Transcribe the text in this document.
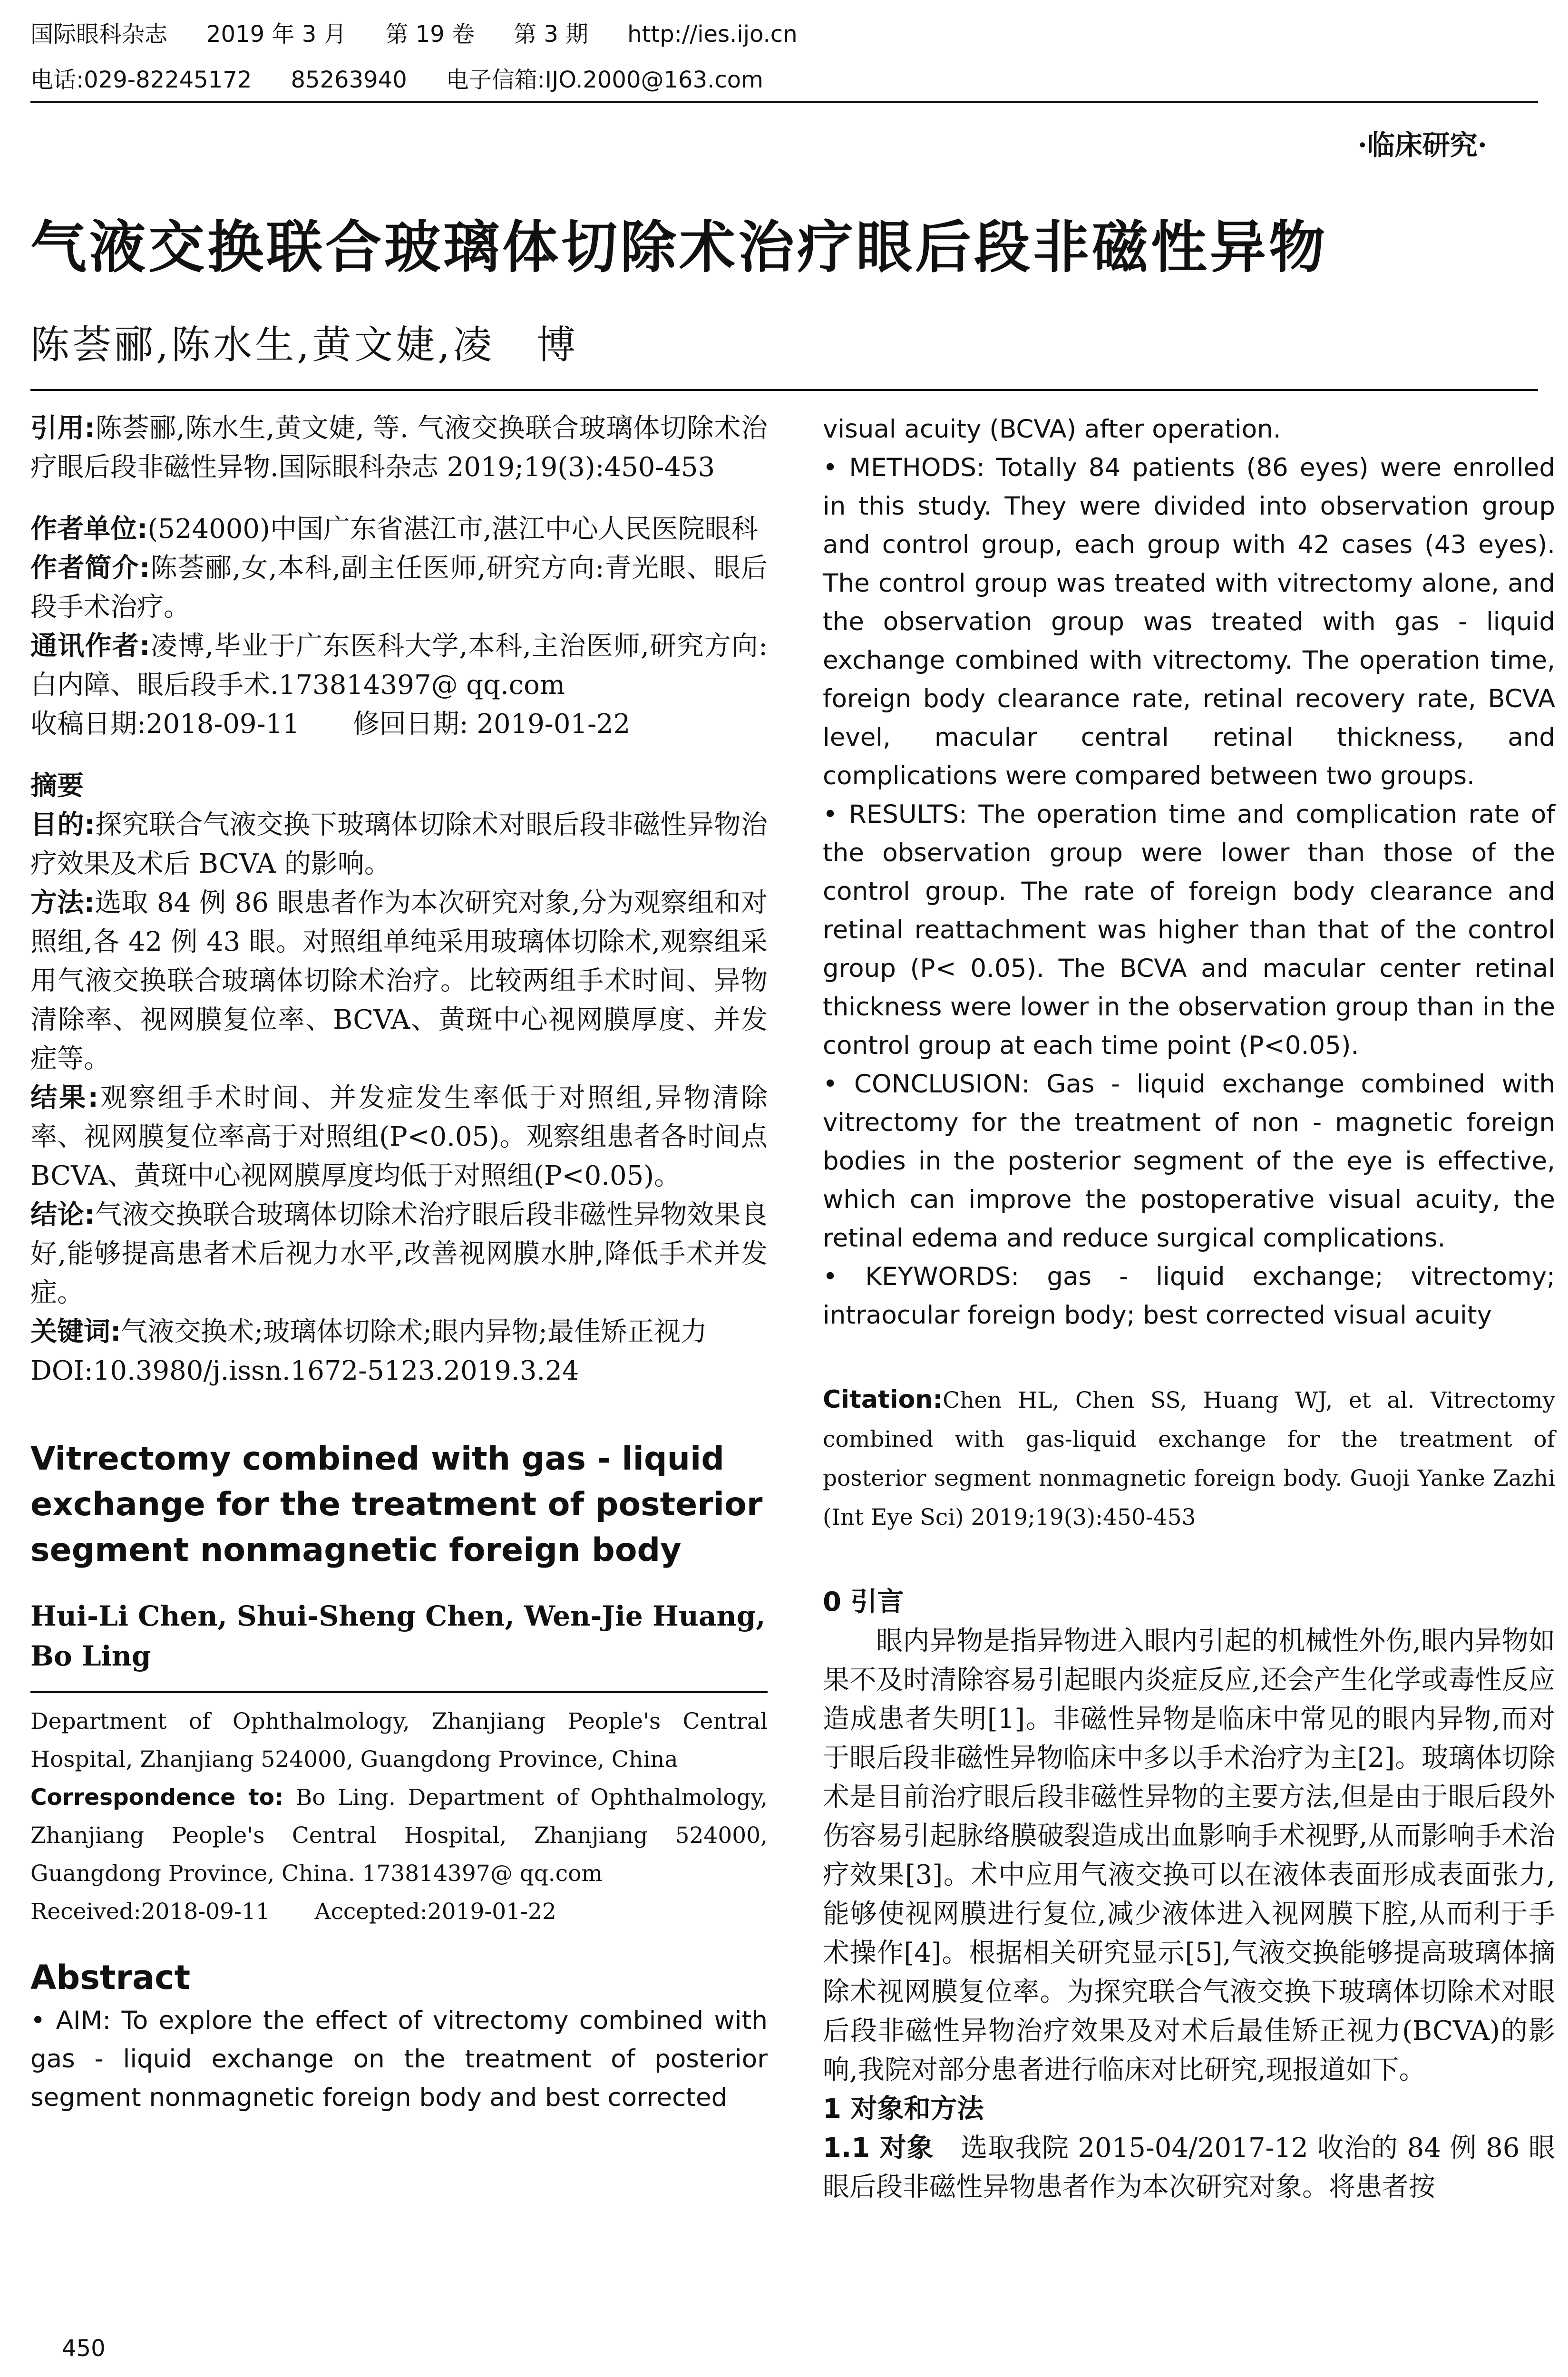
国际眼科杂志 2019 年 3 月 第 19 卷 第 3 期 http://ies.ijo.cn
电话:029-82245172 85263940 电子信箱:IJO.2000@163.com
·临床研究·
气液交换联合玻璃体切除术治疗眼后段非磁性异物
陈荟郦,陈水生,黄文婕,凌　博

引用:陈荟郦,陈水生,黄文婕, 等. 气液交换联合玻璃体切除术治疗眼后段非磁性异物.国际眼科杂志 2019;19(3):450-453

作者单位:(524000)中国广东省湛江市,湛江中心人民医院眼科

作者简介:陈荟郦,女,本科,副主任医师,研究方向:青光眼、眼后段手术治疗。

通讯作者:凌博,毕业于广东医科大学,本科,主治医师,研究方向:白内障、眼后段手术.173814397@ qq.com

收稿日期:2018-09-11　　修回日期: 2019-01-22

摘要

目的:探究联合气液交换下玻璃体切除术对眼后段非磁性异物治疗效果及术后 BCVA 的影响。

方法:选取 84 例 86 眼患者作为本次研究对象,分为观察组和对照组,各 42 例 43 眼。对照组单纯采用玻璃体切除术,观察组采用气液交换联合玻璃体切除术治疗。比较两组手术时间、异物清除率、视网膜复位率、BCVA、黄斑中心视网膜厚度、并发症等。

结果:观察组手术时间、并发症发生率低于对照组,异物清除率、视网膜复位率高于对照组(P<0.05)。观察组患者各时间点 BCVA、黄斑中心视网膜厚度均低于对照组(P<0.05)。

结论:气液交换联合玻璃体切除术治疗眼后段非磁性异物效果良好,能够提高患者术后视力水平,改善视网膜水肿,降低手术并发症。

关键词:气液交换术;玻璃体切除术;眼内异物;最佳矫正视力

DOI:10.3980/j.issn.1672-5123.2019.3.24

Vitrectomy combined with gas - liquid exchange for the treatment of posterior segment nonmagnetic foreign body

Hui-Li Chen, Shui-Sheng Chen, Wen-Jie Huang, Bo Ling

Department of Ophthalmology, Zhanjiang People's Central Hospital, Zhanjiang 524000, Guangdong Province, China

Correspondence to: Bo Ling. Department of Ophthalmology, Zhanjiang People's Central Hospital, Zhanjiang 524000, Guangdong Province, China. 173814397@ qq.com

Received:2018-09-11　　Accepted:2019-01-22

Abstract

• AIM: To explore the effect of vitrectomy combined with gas - liquid exchange on the treatment of posterior segment nonmagnetic foreign body and best corrected

visual acuity (BCVA) after operation.

• METHODS: Totally 84 patients (86 eyes) were enrolled in this study. They were divided into observation group and control group, each group with 42 cases (43 eyes). The control group was treated with vitrectomy alone, and the observation group was treated with gas - liquid exchange combined with vitrectomy. The operation time, foreign body clearance rate, retinal recovery rate, BCVA level, macular central retinal thickness, and complications were compared between two groups.

• RESULTS: The operation time and complication rate of the observation group were lower than those of the control group. The rate of foreign body clearance and retinal reattachment was higher than that of the control group (P< 0.05). The BCVA and macular center retinal thickness were lower in the observation group than in the control group at each time point (P<0.05).

• CONCLUSION: Gas - liquid exchange combined with vitrectomy for the treatment of non - magnetic foreign bodies in the posterior segment of the eye is effective, which can improve the postoperative visual acuity, the retinal edema and reduce surgical complications.

• KEYWORDS: gas - liquid exchange; vitrectomy; intraocular foreign body; best corrected visual acuity

Citation:Chen HL, Chen SS, Huang WJ, et al. Vitrectomy combined with gas-liquid exchange for the treatment of posterior segment nonmagnetic foreign body. Guoji Yanke Zazhi (Int Eye Sci) 2019;19(3):450-453

0 引言

眼内异物是指异物进入眼内引起的机械性外伤,眼内异物如果不及时清除容易引起眼内炎症反应,还会产生化学或毒性反应造成患者失明[1]。非磁性异物是临床中常见的眼内异物,而对于眼后段非磁性异物临床中多以手术治疗为主[2]。玻璃体切除术是目前治疗眼后段非磁性异物的主要方法,但是由于眼后段外伤容易引起脉络膜破裂造成出血影响手术视野,从而影响手术治疗效果[3]。术中应用气液交换可以在液体表面形成表面张力,能够使视网膜进行复位,减少液体进入视网膜下腔,从而利于手术操作[4]。根据相关研究显示[5],气液交换能够提高玻璃体摘除术视网膜复位率。为探究联合气液交换下玻璃体切除术对眼后段非磁性异物治疗效果及对术后最佳矫正视力(BCVA)的影响,我院对部分患者进行临床对比研究,现报道如下。

1 对象和方法

1.1 对象　 选取我院 2015-04/2017-12 收治的 84 例 86 眼眼后段非磁性异物患者作为本次研究对象。将患者按

450
